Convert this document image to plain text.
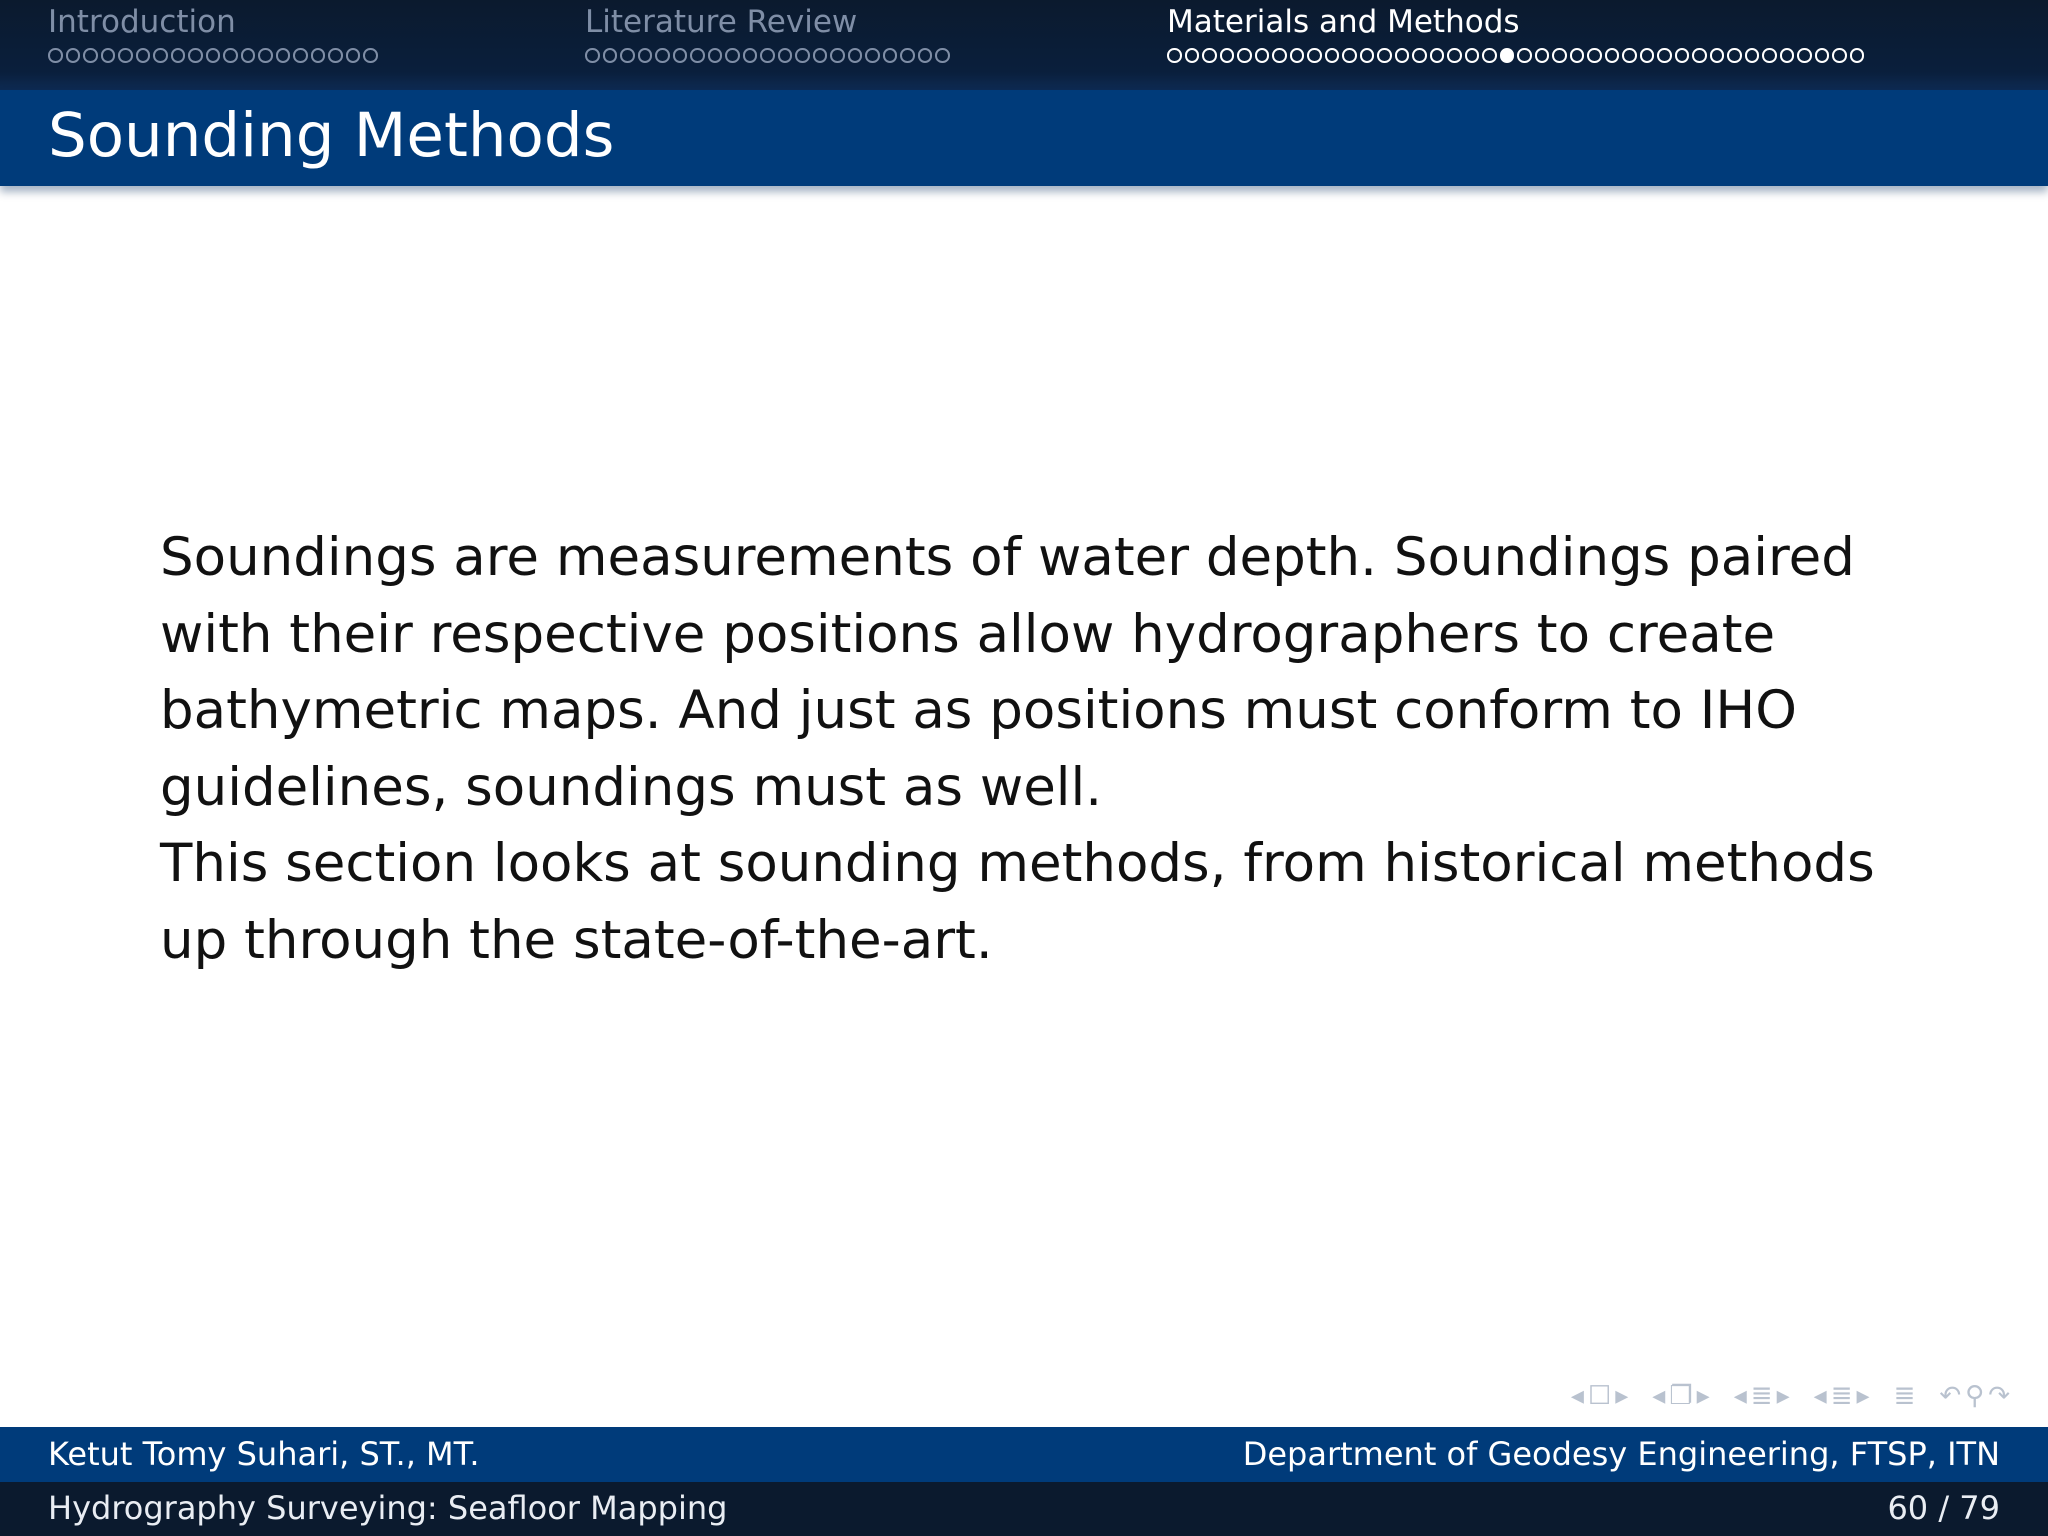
Introduction	Literature Review	Materials and Methods
Sounding Methods

Soundings are measurements of water depth. Soundings paired with their respective positions allow hydrographers to create bathymetric maps. And just as positions must conform to IHO guidelines, soundings must as well.

This section looks at sounding methods, from historical methods up through the state-of-the-art.

◂ ☐ ▸ ◂ ❐ ▸ ◂ ≣ ▸ ◂ ≣ ▸ ≣ ↶ ⚲ ↷
Ketut Tomy Suhari, ST., MT.	Department of Geodesy Engineering, FTSP, ITN
Hydrography Surveying: Seafloor Mapping	60 / 79
